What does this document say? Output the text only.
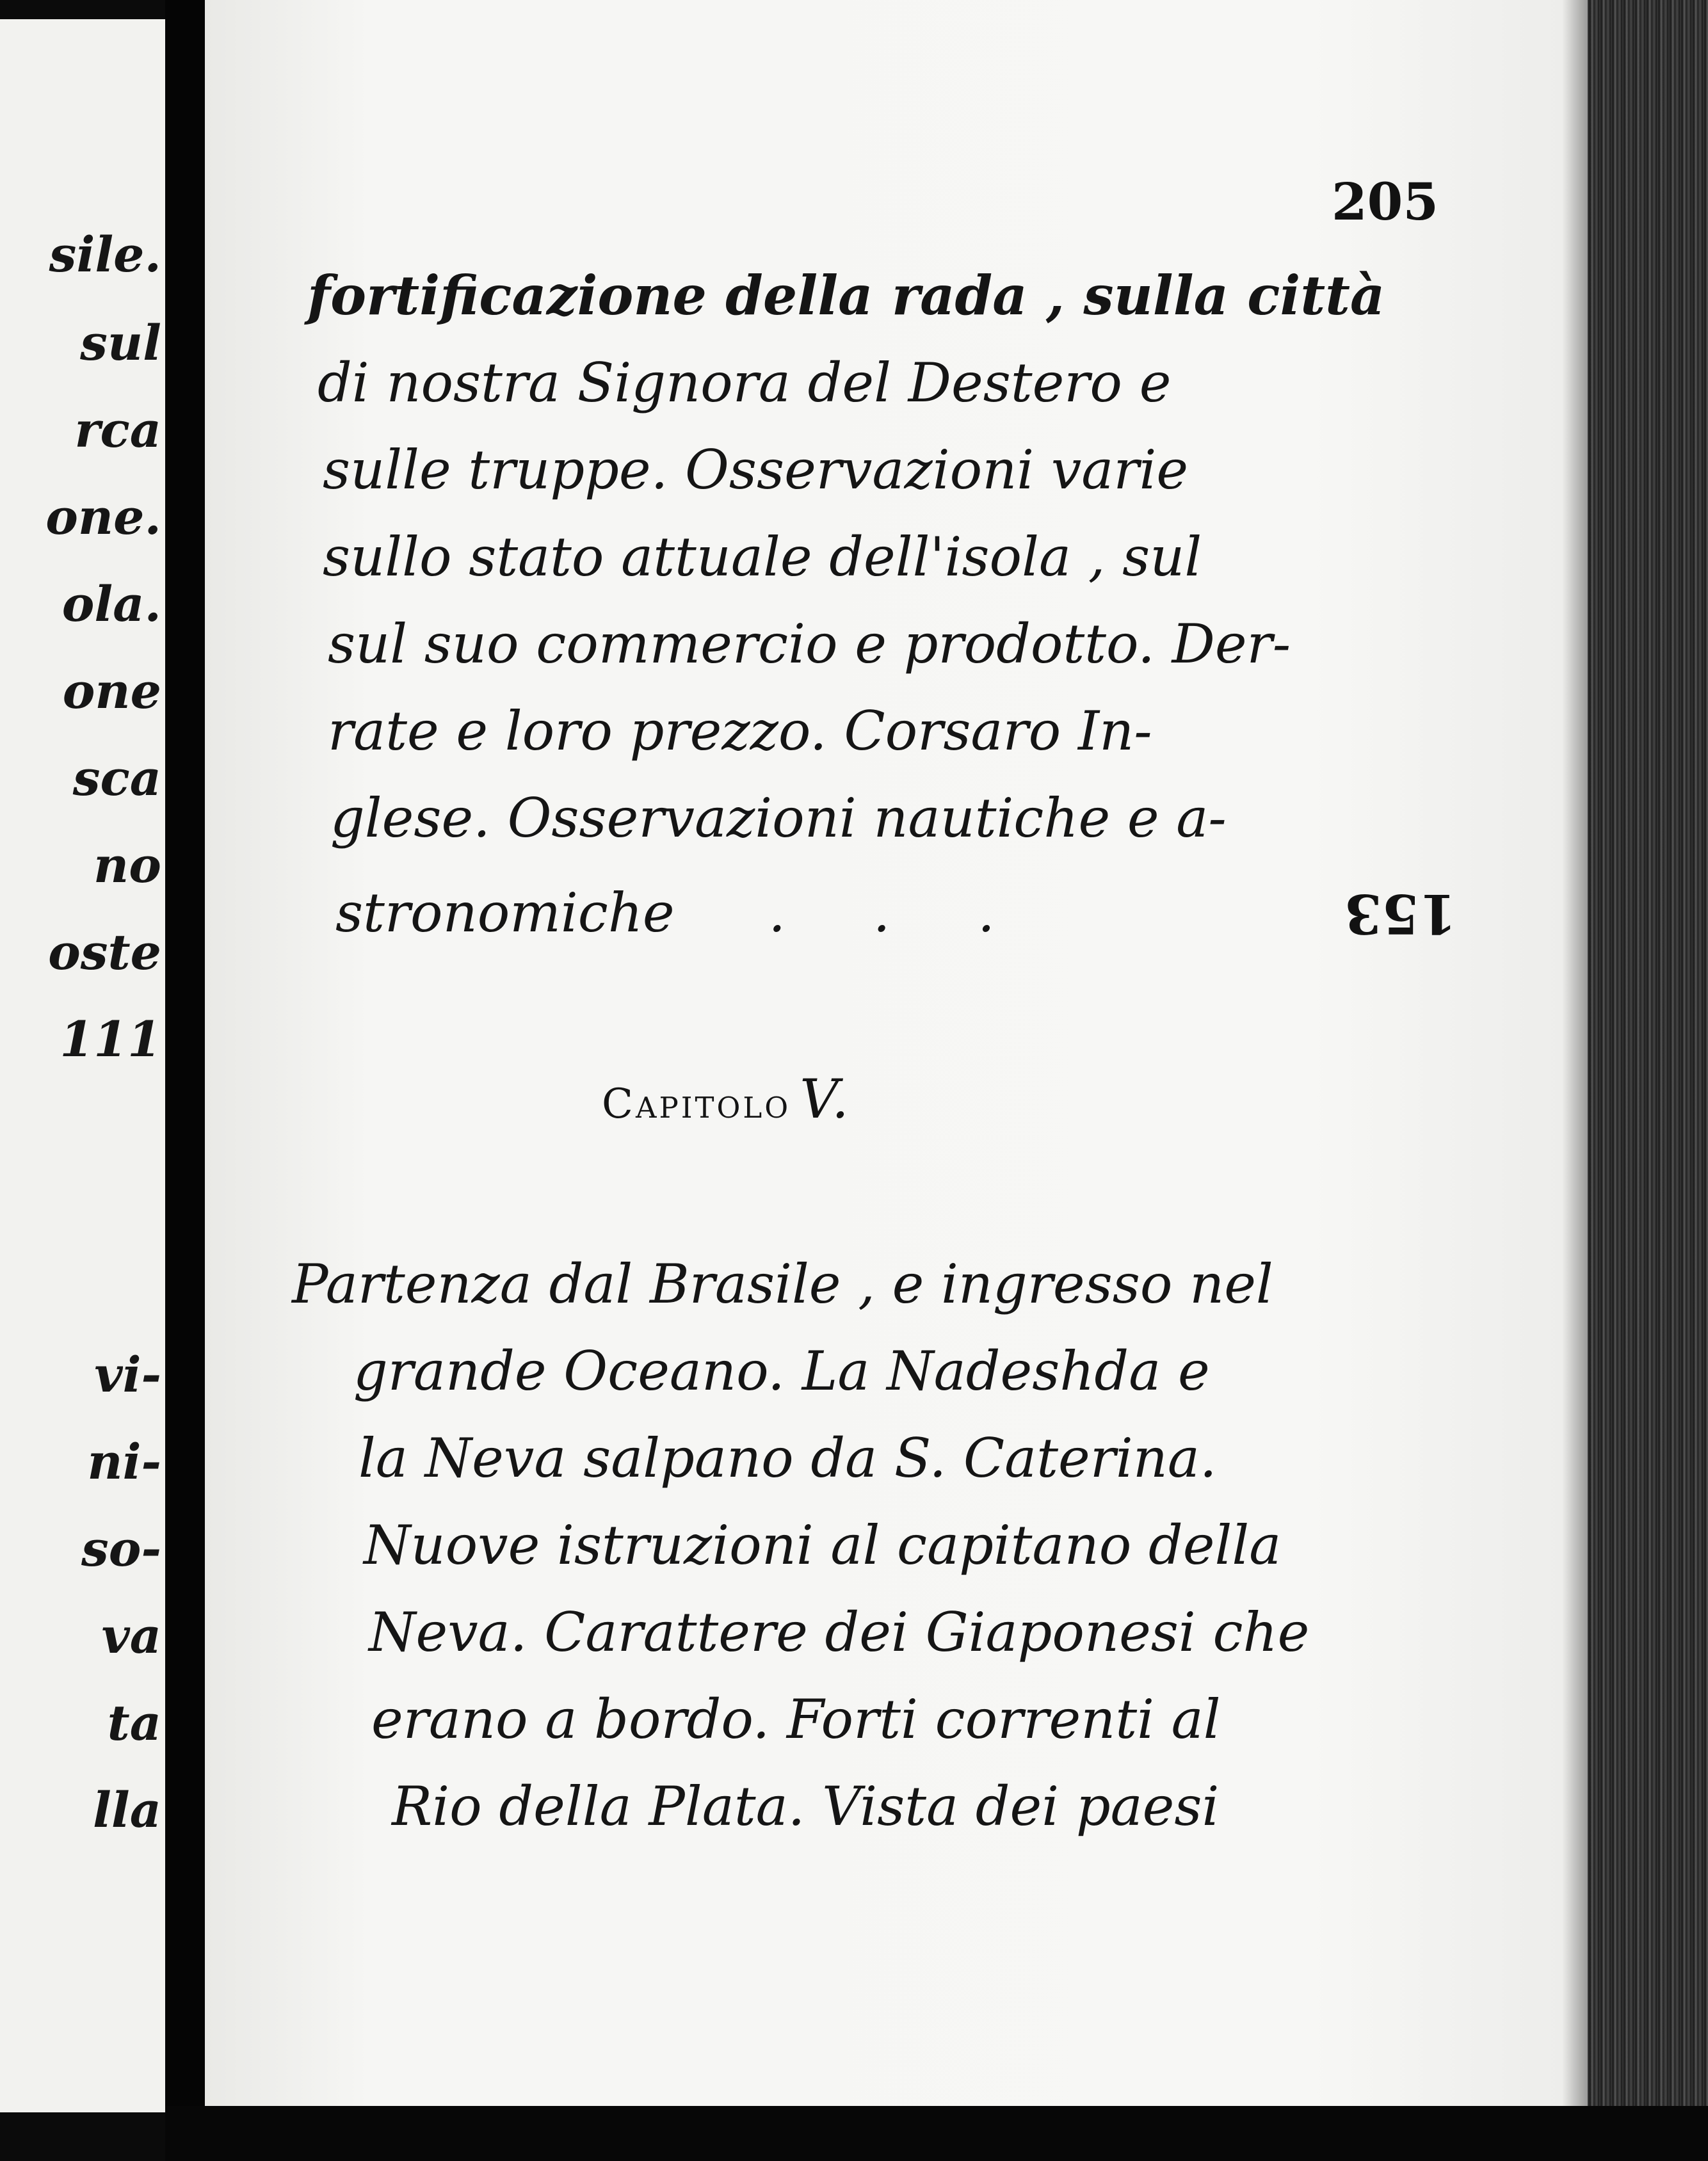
sile.
sul
rca
one.
ola.
one
sca
no
oste
111
vi-
ni-
so-
va
ta
lla
205
fortificazione della rada , sulla città
di nostra Signora del Destero e
sulle truppe. Osservazioni varie
sullo stato attuale dell'isola , sul
sul suo commercio e prodotto. Der-
rate e loro prezzo. Corsaro In-
glese. Osservazioni nautiche e a-
stronomiche . . .	153
Capitolo V.
Partenza dal Brasile , e ingresso nel
grande Oceano. La Nadeshda e
la Neva salpano da S. Caterina.
Nuove istruzioni al capitano della
Neva. Carattere dei Giaponesi che
erano a bordo. Forti correnti al
Rio della Plata. Vista dei paesi
